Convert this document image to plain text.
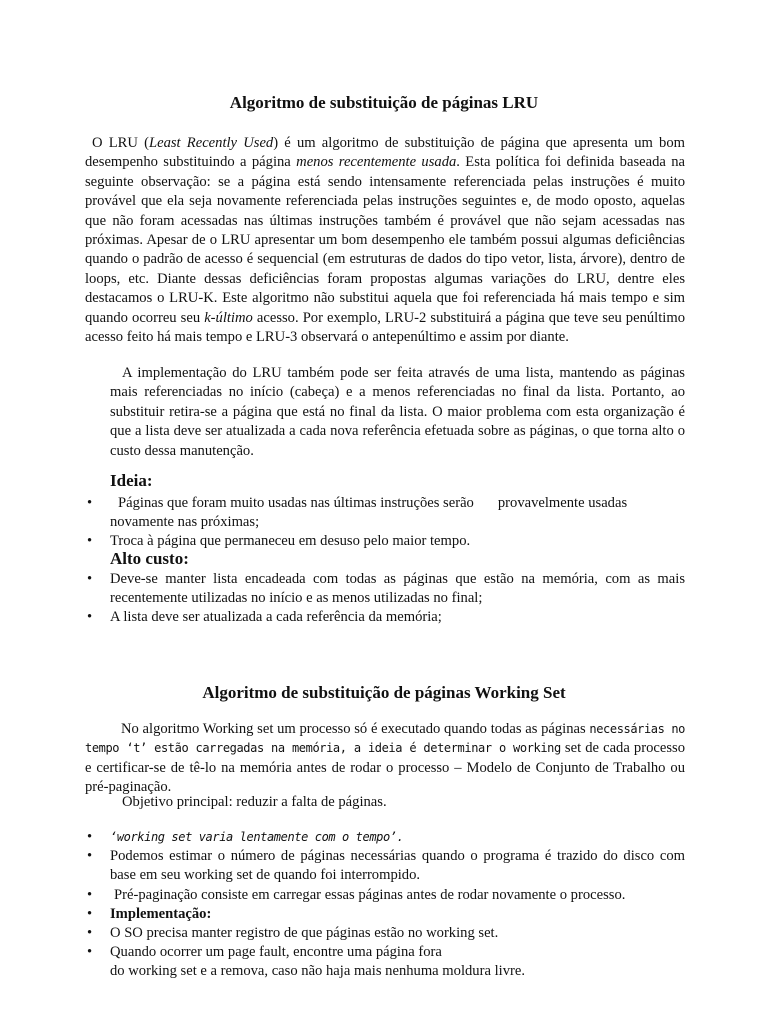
Algoritmo de substituição de páginas LRU

O LRU (Least Recently Used) é um algoritmo de substituição de página que apresenta um bom desempenho substituindo a página menos recentemente usada. Esta política foi definida baseada na seguinte observação: se a página está sendo intensamente referenciada pelas instruções é muito provável que ela seja novamente referenciada pelas instruções seguintes e, de modo oposto, aquelas que não foram acessadas nas últimas instruções também é provável que não sejam acessadas nas próximas. Apesar de o LRU apresentar um bom desempenho ele também possui algumas deficiências quando o padrão de acesso é sequencial (em estruturas de dados do tipo vetor, lista, árvore), dentro de loops, etc. Diante dessas deficiências foram propostas algumas variações do LRU, dentre eles destacamos o LRU-K. Este algoritmo não substitui aquela que foi referenciada há mais tempo e sim quando ocorreu seu k-último acesso. Por exemplo, LRU-2 substituirá a página que teve seu penúltimo acesso feito há mais tempo e LRU-3 observará o antepenúltimo e assim por diante.

A implementação do LRU também pode ser feita através de uma lista, mantendo as páginas mais referenciadas no início (cabeça) e a menos referenciadas no final da lista. Portanto, ao substituir retira-se a página que está no final da lista. O maior problema com esta organização é que a lista deve ser atualizada a cada nova referência efetuada sobre as páginas, o que torna alto o custo dessa manutenção.

Ideia:
• Páginas que foram muito usadas nas últimas instruções serão provavelmente usadas novamente nas próximas;
• Troca à página que permaneceu em desuso pelo maior tempo.
Alto custo:
• Deve-se manter lista encadeada com todas as páginas que estão na memória, com as mais recentemente utilizadas no início e as menos utilizadas no final;
• A lista deve ser atualizada a cada referência da memória;
Algoritmo de substituição de páginas Working Set

No algoritmo Working set um processo só é executado quando todas as páginas necessárias no tempo ‘t’ estão carregadas na memória, a ideia é determinar o working set de cada processo e certificar-se de tê-lo na memória antes de rodar o processo – Modelo de Conjunto de Trabalho ou pré-paginação.

Objetivo principal: reduzir a falta de páginas.

• ‘working set varia lentamente com o tempo’.
• Podemos estimar o número de páginas necessárias quando o programa é trazido do disco com base em seu working set de quando foi interrompido.
• Pré-paginação consiste em carregar essas páginas antes de rodar novamente o processo.
• Implementação:
• O SO precisa manter registro de que páginas estão no working set.
• Quando ocorrer um page fault, encontre uma página fora
do working set e a remova, caso não haja mais nenhuma moldura livre.
